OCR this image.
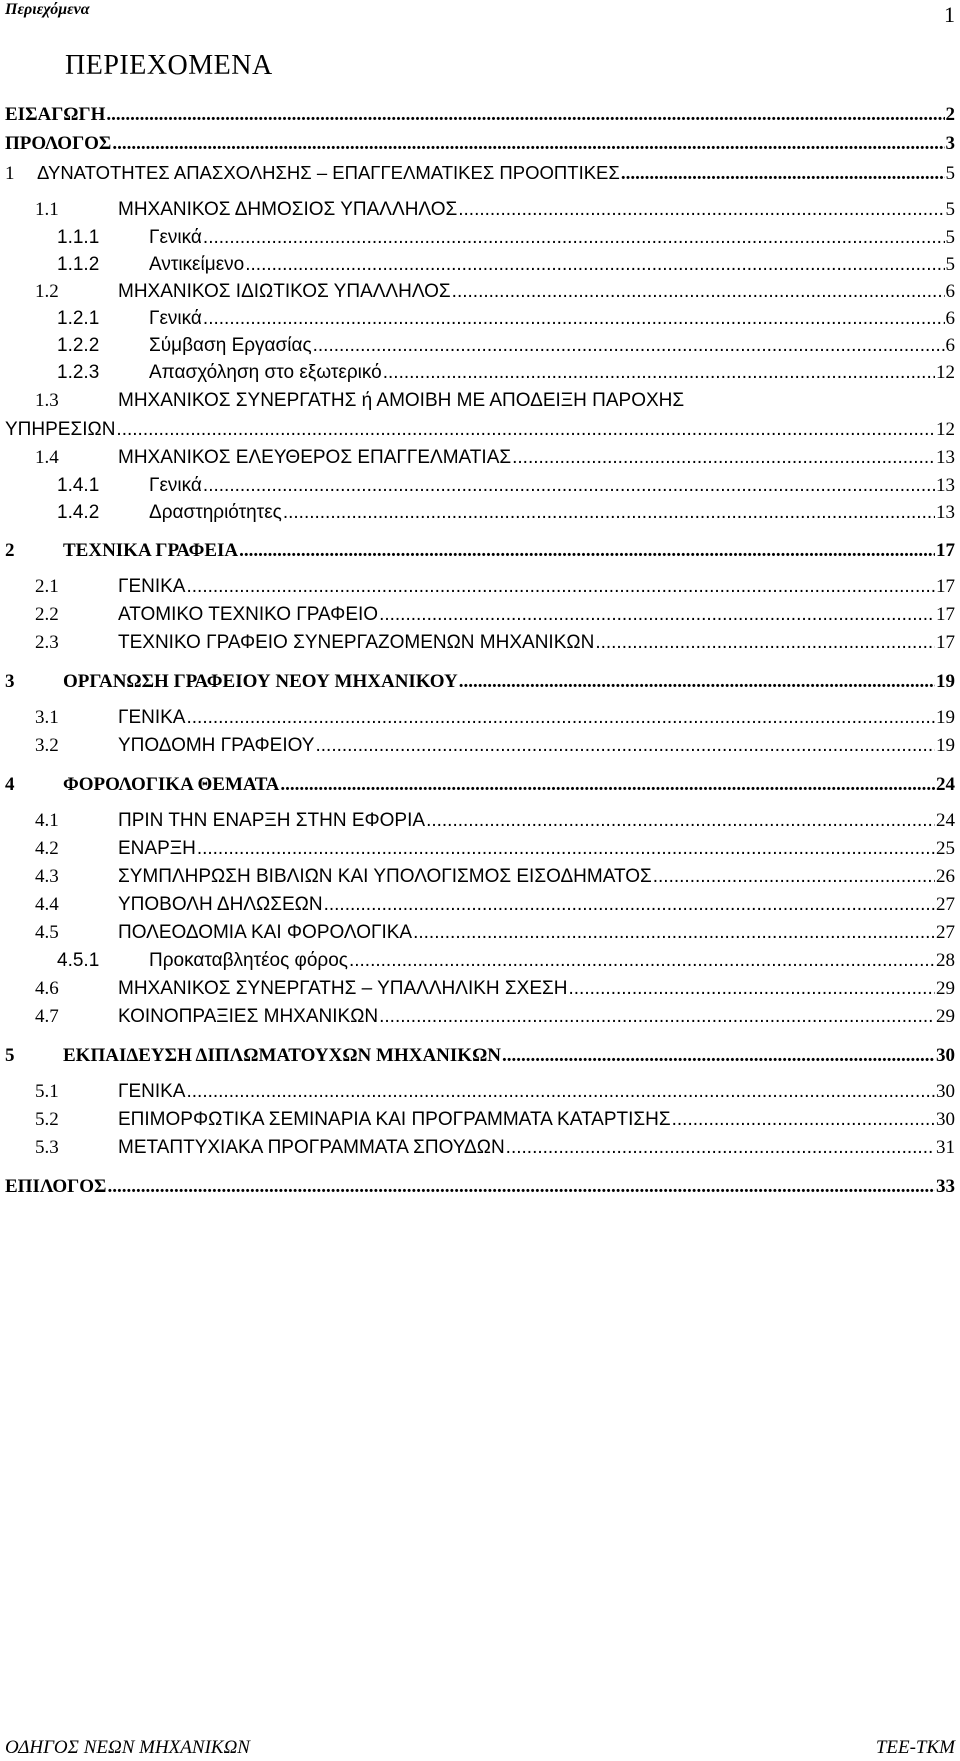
Περιεχόμενα	1
ΠΕΡΙΕΧΟΜΕΝΑ
ΕΙΣΑΓΩΓΗ .....	2
ΠΡΟΛΟΓΟΣ .....	3
1	ΔΥΝΑΤΟΤΗΤΕΣ ΑΠΑΣΧΟΛΗΣΗΣ – ΕΠΑΓΓΕΛΜΑΤΙΚΕΣ ΠΡΟΟΠΤΙΚΕΣ .....	5
1.1	ΜΗΧΑΝΙΚΟΣ ΔΗΜΟΣΙΟΣ ΥΠΑΛΛΗΛΟΣ .....	5
1.1.1	Γενικά .....	5
1.1.2	Αντικείμενο .....	5
1.2	ΜΗΧΑΝΙΚΟΣ ΙΔΙΩΤΙΚΟΣ ΥΠΑΛΛΗΛΟΣ .....	6
1.2.1	Γενικά .....	6
1.2.2	Σύμβαση Εργασίας .....	6
1.2.3	Απασχόληση στο εξωτερικό .....	12
1.3	ΜΗΧΑΝΙΚΟΣ ΣΥΝΕΡΓΑΤΗΣ ή ΑΜΟΙΒΗ ΜΕ ΑΠΟΔΕΙΞΗ ΠΑΡΟΧΗΣ
ΥΠΗΡΕΣΙΩΝ .....	12
1.4	ΜΗΧΑΝΙΚΟΣ ΕΛΕΥΘΕΡΟΣ ΕΠΑΓΓΕΛΜΑΤΙΑΣ .....	13
1.4.1	Γενικά .....	13
1.4.2	Δραστηριότητες .....	13
2	ΤΕΧΝΙΚΑ ΓΡΑΦΕΙΑ .....	17
2.1	ΓΕΝΙΚΑ .....	17
2.2	ΑΤΟΜΙΚΟ ΤΕΧΝΙΚΟ ΓΡΑΦΕΙΟ .....	17
2.3	ΤΕΧΝΙΚΟ ΓΡΑΦΕΙΟ ΣΥΝΕΡΓΑΖΟΜΕΝΩΝ ΜΗΧΑΝΙΚΩΝ .....	17
3	ΟΡΓΑΝΩΣΗ ΓΡΑΦΕΙΟΥ ΝΕΟΥ ΜΗΧΑΝΙΚΟΥ .....	19
3.1	ΓΕΝΙΚΑ .....	19
3.2	ΥΠΟΔΟΜΗ ΓΡΑΦΕΙΟΥ .....	19
4	ΦΟΡΟΛΟΓΙΚΑ ΘΕΜΑΤΑ .....	24
4.1	ΠΡΙΝ ΤΗΝ ΕΝΑΡΞΗ ΣΤΗΝ ΕΦΟΡΙΑ .....	24
4.2	ΕΝΑΡΞΗ .....	25
4.3	ΣΥΜΠΛΗΡΩΣΗ ΒΙΒΛΙΩΝ ΚΑΙ ΥΠΟΛΟΓΙΣΜΟΣ ΕΙΣΟΔΗΜΑΤΟΣ .....	26
4.4	ΥΠΟΒΟΛΗ ΔΗΛΩΣΕΩΝ .....	27
4.5	ΠΟΛΕΟΔΟΜΙΑ ΚΑΙ ΦΟΡΟΛΟΓΙΚΑ .....	27
4.5.1	Προκαταβλητέος φόρος .....	28
4.6	ΜΗΧΑΝΙΚΟΣ ΣΥΝΕΡΓΑΤΗΣ – ΥΠΑΛΛΗΛΙΚΗ ΣΧΕΣΗ .....	29
4.7	ΚΟΙΝΟΠΡΑΞΙΕΣ ΜΗΧΑΝΙΚΩΝ .....	29
5	ΕΚΠΑΙΔΕΥΣΗ ΔΙΠΛΩΜΑΤΟΥΧΩΝ ΜΗΧΑΝΙΚΩΝ .....	30
5.1	ΓΕΝΙΚΑ .....	30
5.2	ΕΠΙΜΟΡΦΩΤΙΚΑ ΣΕΜΙΝΑΡΙΑ ΚΑΙ ΠΡΟΓΡΑΜΜΑΤΑ ΚΑΤΑΡΤΙΣΗΣ .....	30
5.3	ΜΕΤΑΠΤΥΧΙΑΚΑ ΠΡΟΓΡΑΜΜΑΤΑ ΣΠΟΥΔΩΝ .....	31
ΕΠΙΛΟΓΟΣ .....	33
ΟΔΗΓΟΣ ΝΕΩΝ ΜΗΧΑΝΙΚΩΝ	ΤΕΕ-ΤΚΜ
